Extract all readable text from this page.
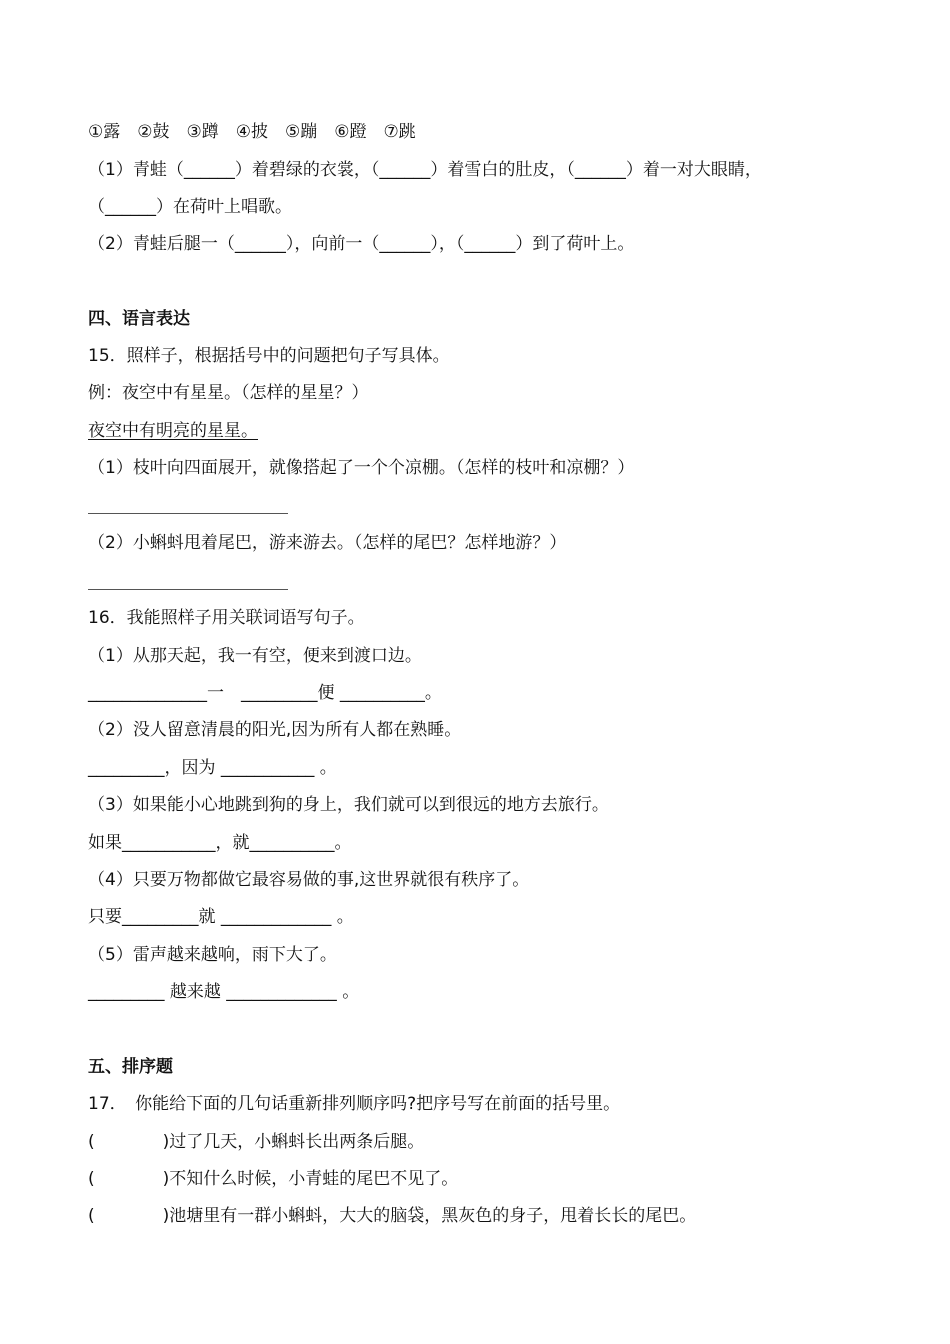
①露　②鼓　③蹲　④披　⑤蹦　⑥蹬　⑦跳
（1）青蛙（______）着碧绿的衣裳，（______）着雪白的肚皮，（______）着一对大眼睛，
（______）在荷叶上唱歌。
（2）青蛙后腿一（______），向前一（______），（______）到了荷叶上。
四、语言表达
15．照样子，根据括号中的问题把句子写具体。
例：夜空中有星星。（怎样的星星？）
夜空中有明亮的星星。
（1）枝叶向四面展开，就像搭起了一个个凉棚。（怎样的枝叶和凉棚？）
（2）小蝌蚪甩着尾巴，游来游去。（怎样的尾巴？怎样地游？）
16．我能照样子用关联词语写句子。
（1）从那天起，我一有空，便来到渡口边。
______________一　_________便 __________。
（2）没人留意清晨的阳光,因为所有人都在熟睡。
_________，因为 ___________ 。
（3）如果能小心地跳到狗的身上，我们就可以到很远的地方去旅行。
如果___________，就__________。
（4）只要万物都做它最容易做的事,这世界就很有秩序了。
只要_________就 _____________ 。
（5）雷声越来越响，雨下大了。
_________ 越来越 _____________ 。
五、排序题
17．　你能给下面的几句话重新排列顺序吗?把序号写在前面的括号里。
(　　　　)过了几天，小蝌蚪长出两条后腿。
(　　　　)不知什么时候，小青蛙的尾巴不见了。
(　　　　)池塘里有一群小蝌蚪，大大的脑袋，黑灰色的身子，甩着长长的尾巴。
